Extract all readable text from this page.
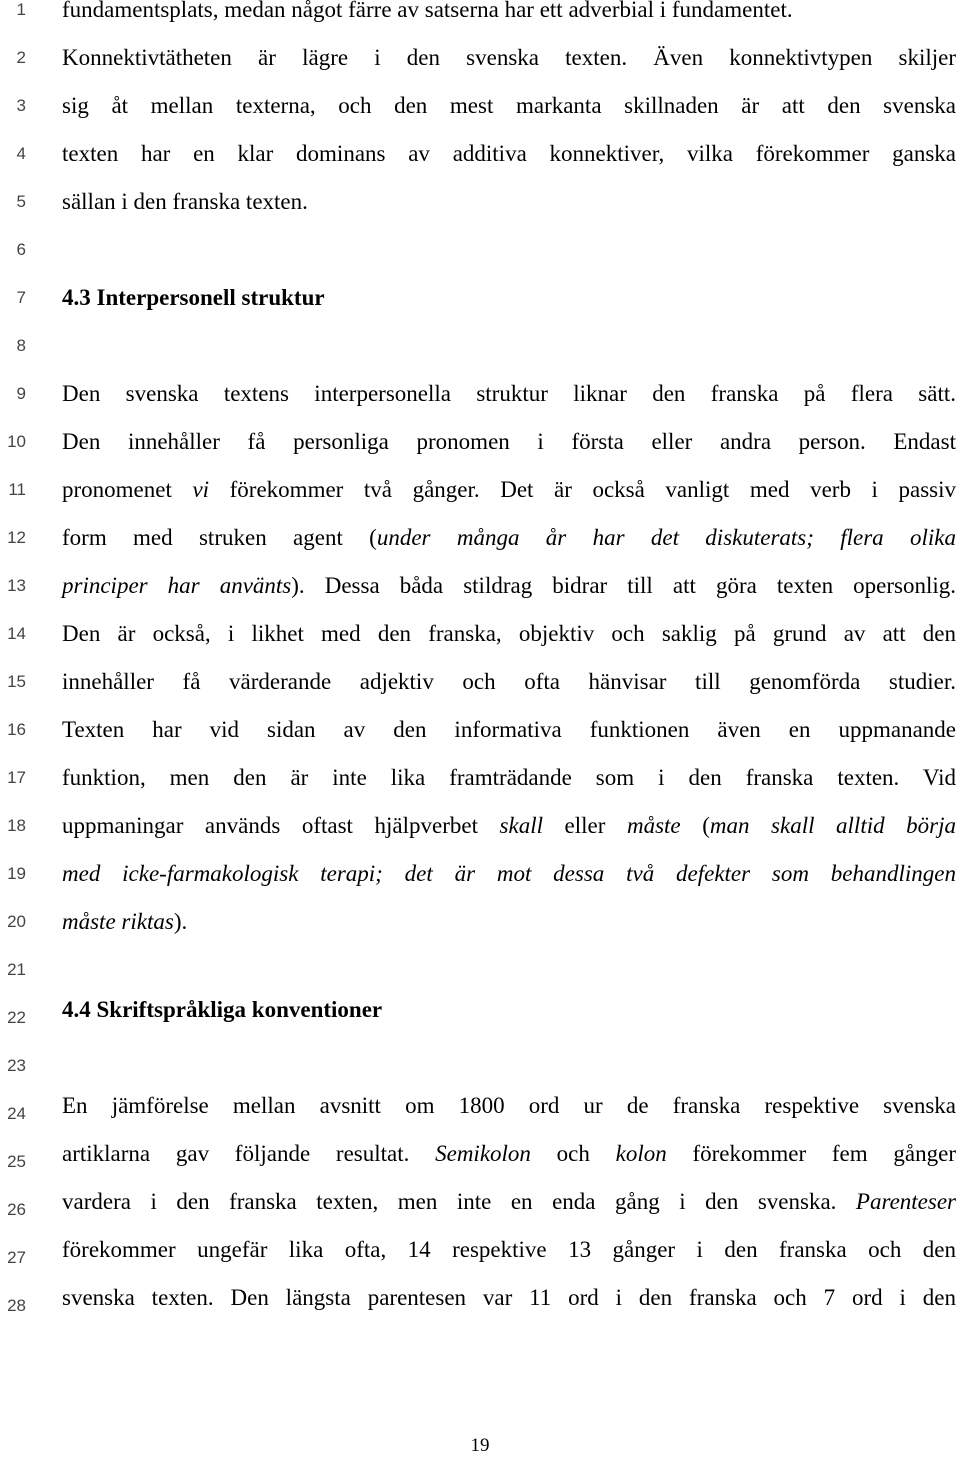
1
2
3
4
5
6
7
8
9
10
11
12
13
14
15
16
17
18
19
20
21
22
23
24
25
26
27
28
fundamentsplats, medan något färre av satserna har ett adverbial i fundamentet.
Konnektivtätheten är lägre i den svenska texten. Även konnektivtypen skiljer
sig åt mellan texterna, och den mest markanta skillnaden är att den svenska
texten har en klar dominans av additiva konnektiver, vilka förekommer ganska
sällan i den franska texten.
4.3 Interpersonell struktur
Den svenska textens interpersonella struktur liknar den franska på flera sätt.
Den innehåller få personliga pronomen i första eller andra person. Endast
pronomenet vi förekommer två gånger. Det är också vanligt med verb i passiv
form med struken agent (under många år har det diskuterats; flera olika
principer har använts). Dessa båda stildrag bidrar till att göra texten opersonlig.
Den är också, i likhet med den franska, objektiv och saklig på grund av att den
innehåller få värderande adjektiv och ofta hänvisar till genomförda studier.
Texten har vid sidan av den informativa funktionen även en uppmanande
funktion, men den är inte lika framträdande som i den franska texten. Vid
uppmaningar används oftast hjälpverbet skall eller måste (man skall alltid börja
med icke-farmakologisk terapi; det är mot dessa två defekter som behandlingen
måste riktas).
4.4 Skriftspråkliga konventioner
En jämförelse mellan avsnitt om 1800 ord ur de franska respektive svenska
artiklarna gav följande resultat. Semikolon och kolon förekommer fem gånger
vardera i den franska texten, men inte en enda gång i den svenska. Parenteser
förekommer ungefär lika ofta, 14 respektive 13 gånger i den franska och den
svenska texten. Den längsta parentesen var 11 ord i den franska och 7 ord i den
19
